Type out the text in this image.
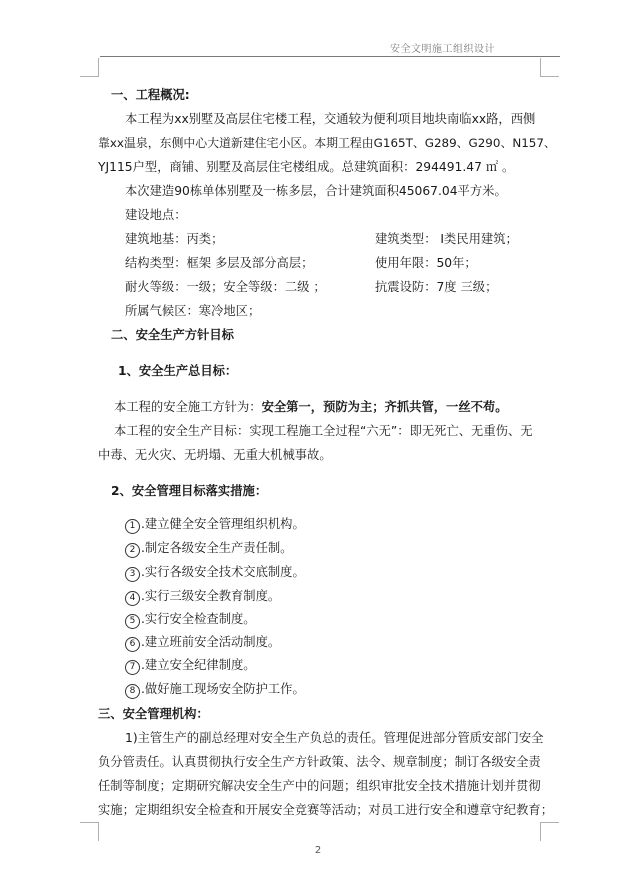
安全文明施工组织设计
一、工程概况:
本工程为xx别墅及高层住宅楼工程，交通较为便利项目地块南临xx路，西侧
靠xx温泉，东侧中心大道新建住宅小区。本期工程由G165T、G289、G290、N157、
YJ115户型，商铺、别墅及高层住宅楼组成。总建筑面积：294491.47 ㎡ 。
本次建造90栋单体别墅及一栋多层，合计建筑面积45067.04平方米。
建设地点：
建筑地基：丙类；	建筑类型： Ⅰ类民用建筑；
结构类型：框架 多层及部分高层；	使用年限：50年；
耐火等级：一级；安全等级：二级 ；	抗震设防：7度 三级；
所属气候区：寒冷地区；
二、安全生产方针目标
1、安全生产总目标：
本工程的安全施工方针为：安全第一，预防为主；齐抓共管，一丝不苟。
本工程的安全生产目标：实现工程施工全过程“六无”：即无死亡、无重伤、无
中毒、无火灾、无坍塌、无重大机械事故。
2、安全管理目标落实措施：
1 .建立健全安全管理组织机构。
2 .制定各级安全生产责任制。
3 .实行各级安全技术交底制度。
4 .实行三级安全教育制度。
5 .实行安全检查制度。
6 .建立班前安全活动制度。
7 .建立安全纪律制度。
8 .做好施工现场安全防护工作。
三、安全管理机构：
1)主管生产的副总经理对安全生产负总的责任。管理促进部分管质安部门安全
负分管责任。认真贯彻执行安全生产方针政策、法令、规章制度；制订各级安全责
任制等制度；定期研究解决安全生产中的问题；组织审批安全技术措施计划并贯彻
实施；定期组织安全检查和开展安全竞赛等活动；对员工进行安全和遵章守纪教育；
2
